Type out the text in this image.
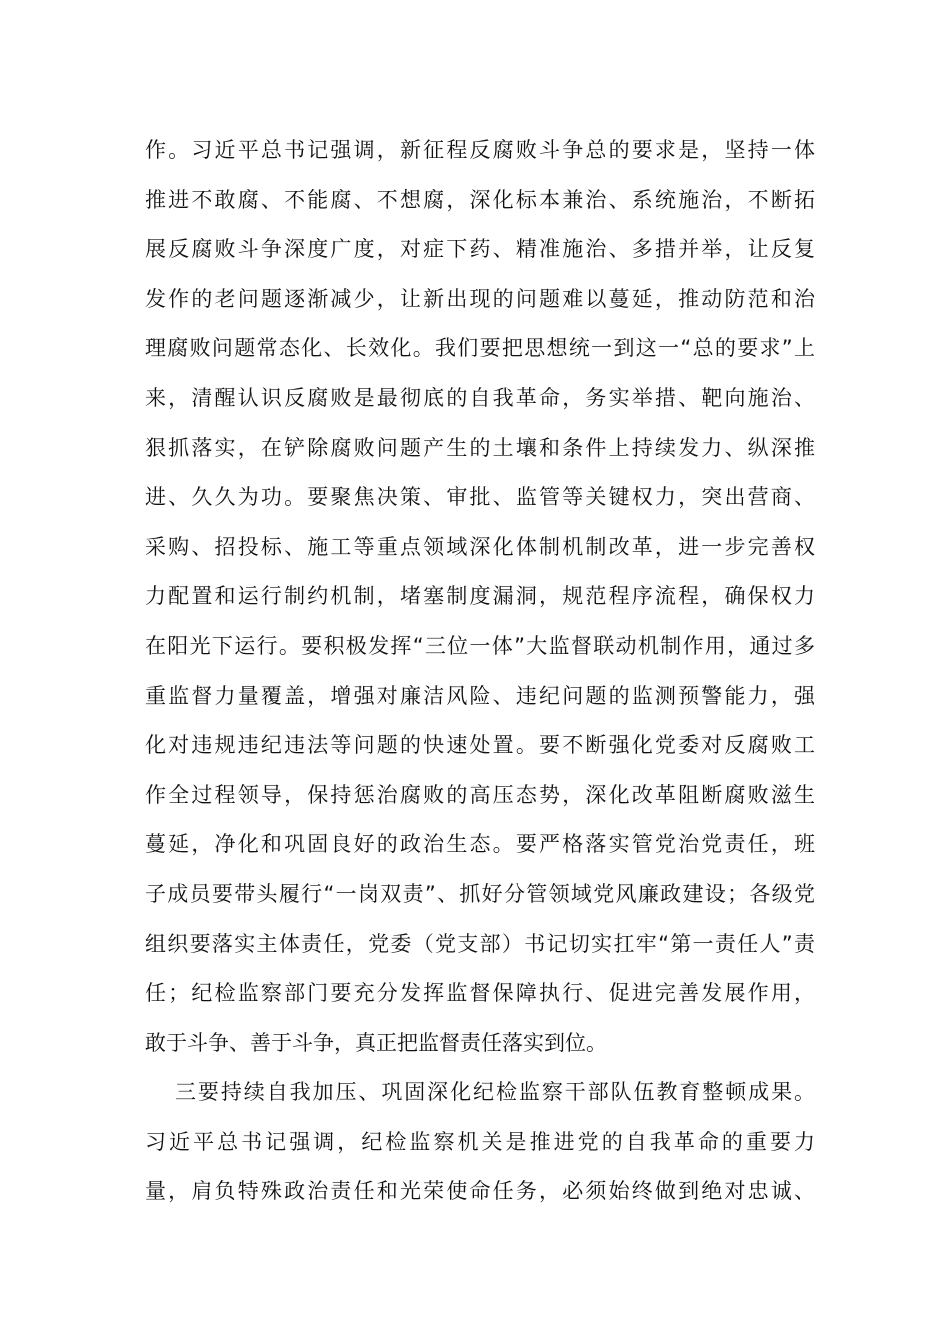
作。习近平总书记强调，新征程反腐败斗争总的要求是，坚持一体
推进不敢腐、不能腐、不想腐，深化标本兼治、系统施治，不断拓
展反腐败斗争深度广度，对症下药、精准施治、多措并举，让反复
发作的老问题逐渐减少，让新出现的问题难以蔓延，推动防范和治
理腐败问题常态化、长效化。我们要把思想统一到这一“总的要求”上
来，清醒认识反腐败是最彻底的自我革命，务实举措、靶向施治、
狠抓落实，在铲除腐败问题产生的土壤和条件上持续发力、纵深推
进、久久为功。要聚焦决策、审批、监管等关键权力，突出营商、
采购、招投标、施工等重点领域深化体制机制改革，进一步完善权
力配置和运行制约机制，堵塞制度漏洞，规范程序流程，确保权力
在阳光下运行。要积极发挥“三位一体”大监督联动机制作用，通过多
重监督力量覆盖，增强对廉洁风险、违纪问题的监测预警能力，强
化对违规违纪违法等问题的快速处置。要不断强化党委对反腐败工
作全过程领导，保持惩治腐败的高压态势，深化改革阻断腐败滋生
蔓延，净化和巩固良好的政治生态。要严格落实管党治党责任，班
子成员要带头履行“一岗双责”、抓好分管领域党风廉政建设；各级党
组织要落实主体责任，党委（党支部）书记切实扛牢“第一责任人”责
任；纪检监察部门要充分发挥监督保障执行、促进完善发展作用，
敢于斗争、善于斗争，真正把监督责任落实到位。
三要持续自我加压、巩固深化纪检监察干部队伍教育整顿成果。
习近平总书记强调，纪检监察机关是推进党的自我革命的重要力
量，肩负特殊政治责任和光荣使命任务，必须始终做到绝对忠诚、
